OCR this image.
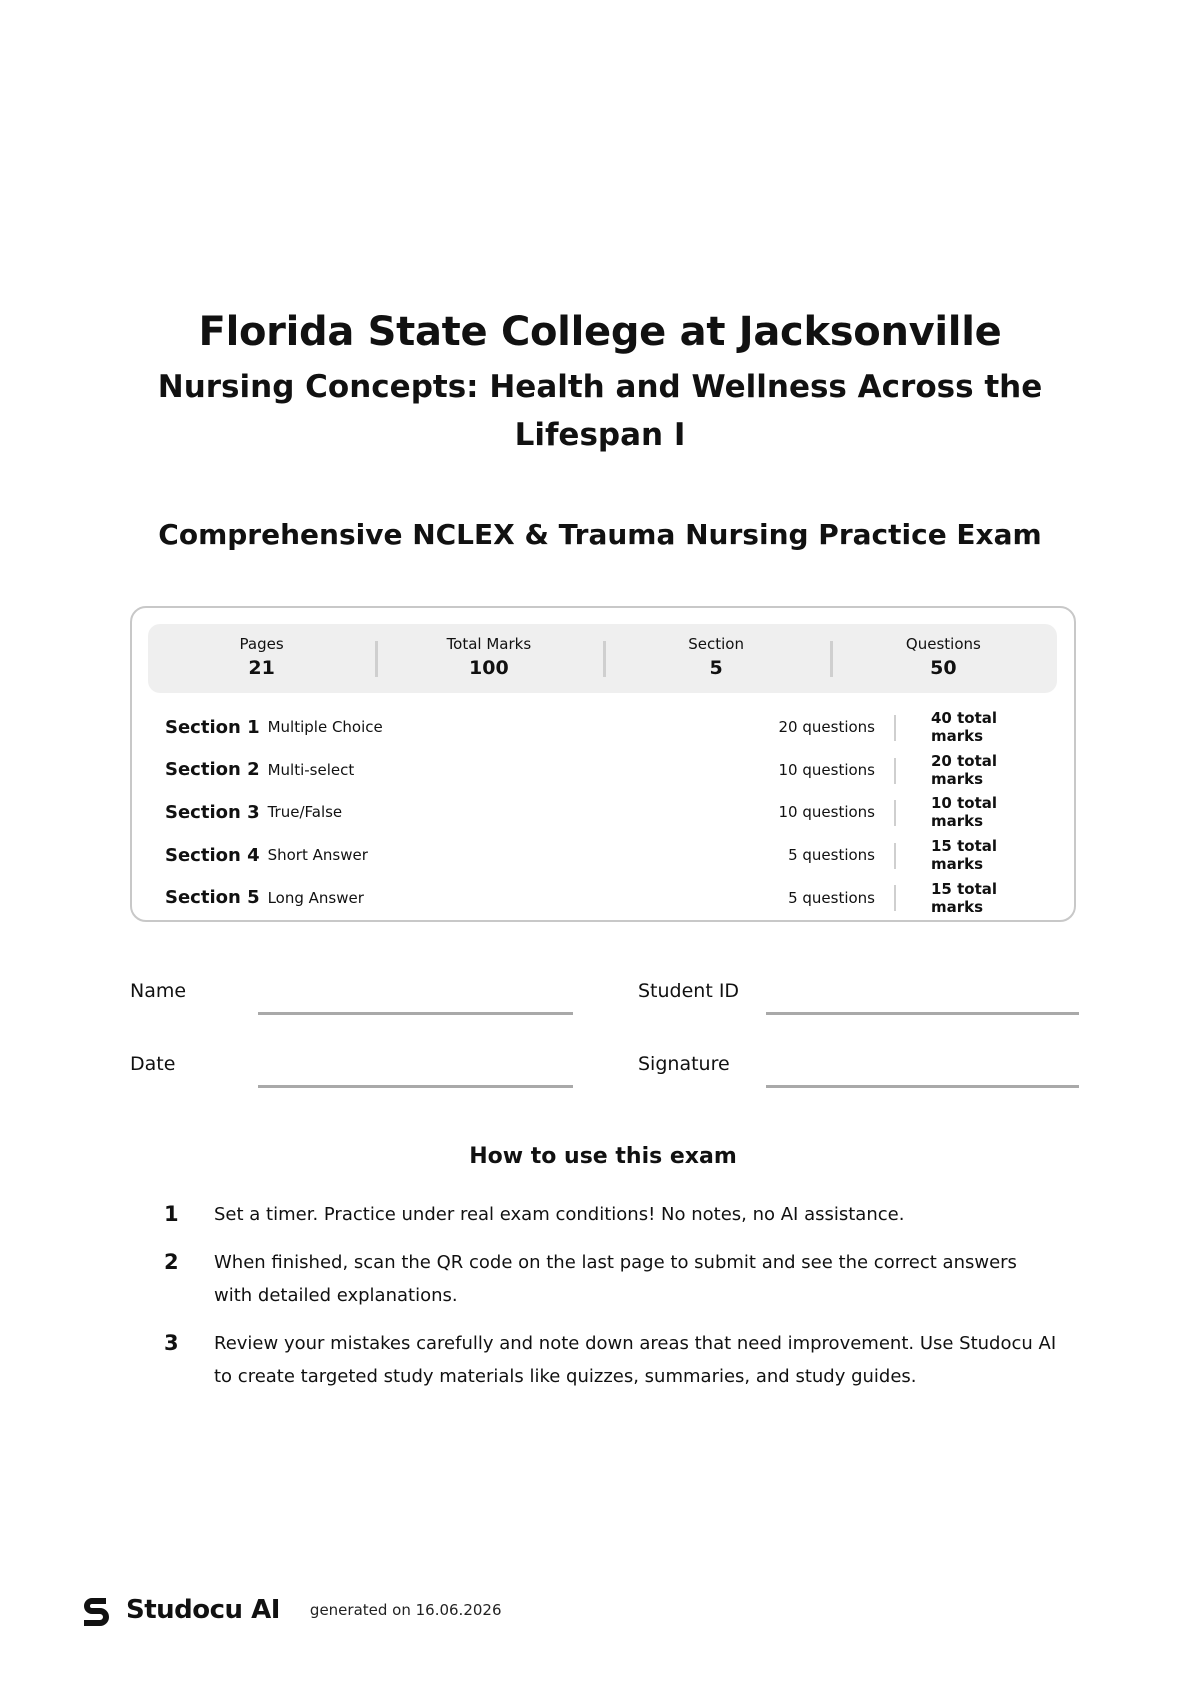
Florida State College at Jacksonville
Nursing Concepts: Health and Wellness Across the Lifespan I
Comprehensive NCLEX & Trauma Nursing Practice Exam
Pages
21
Total Marks
100
Section
5
Questions
50
Section 1 Multiple Choice	20 questions	40 total marks
Section 2 Multi-select	10 questions	20 total marks
Section 3 True/False	10 questions	10 total marks
Section 4 Short Answer	5 questions	15 total marks
Section 5 Long Answer	5 questions	15 total marks
Name	Student ID
Date	Signature
How to use this exam
1	Set a timer. Practice under real exam conditions! No notes, no AI assistance.
2	When finished, scan the QR code on the last page to submit and see the correct answers with detailed explanations.
3	Review your mistakes carefully and note down areas that need improvement. Use Studocu AI to create targeted study materials like quizzes, summaries, and study guides.
Studocu AI generated on 16.06.2026
